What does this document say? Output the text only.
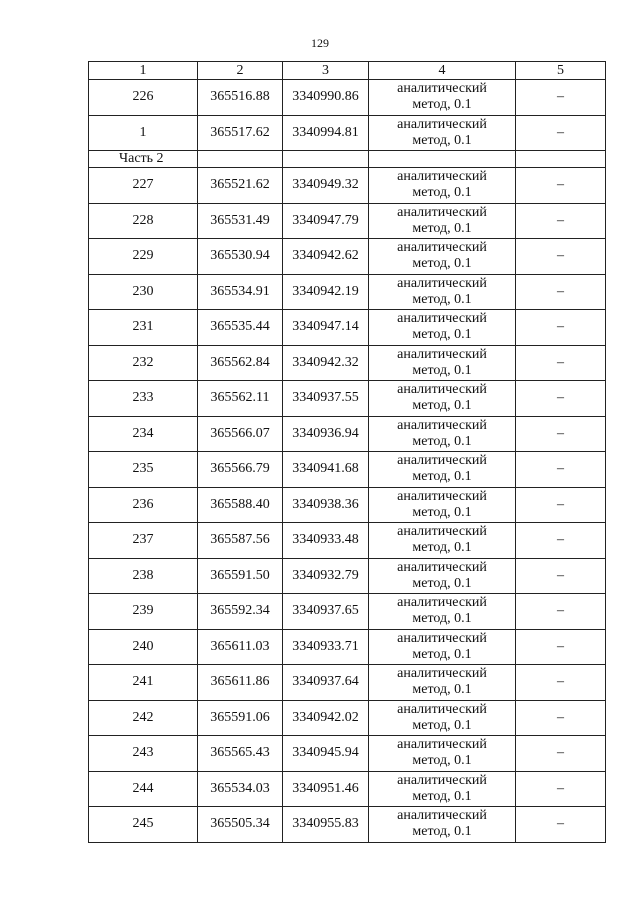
129
1	2	3	4	5
226	365516.88	3340990.86	аналитический
метод, 0.1	–
1	365517.62	3340994.81	аналитический
метод, 0.1	–
Часть 2				
227	365521.62	3340949.32	аналитический
метод, 0.1	–
228	365531.49	3340947.79	аналитический
метод, 0.1	–
229	365530.94	3340942.62	аналитический
метод, 0.1	–
230	365534.91	3340942.19	аналитический
метод, 0.1	–
231	365535.44	3340947.14	аналитический
метод, 0.1	–
232	365562.84	3340942.32	аналитический
метод, 0.1	–
233	365562.11	3340937.55	аналитический
метод, 0.1	–
234	365566.07	3340936.94	аналитический
метод, 0.1	–
235	365566.79	3340941.68	аналитический
метод, 0.1	–
236	365588.40	3340938.36	аналитический
метод, 0.1	–
237	365587.56	3340933.48	аналитический
метод, 0.1	–
238	365591.50	3340932.79	аналитический
метод, 0.1	–
239	365592.34	3340937.65	аналитический
метод, 0.1	–
240	365611.03	3340933.71	аналитический
метод, 0.1	–
241	365611.86	3340937.64	аналитический
метод, 0.1	–
242	365591.06	3340942.02	аналитический
метод, 0.1	–
243	365565.43	3340945.94	аналитический
метод, 0.1	–
244	365534.03	3340951.46	аналитический
метод, 0.1	–
245	365505.34	3340955.83	аналитический
метод, 0.1	–
